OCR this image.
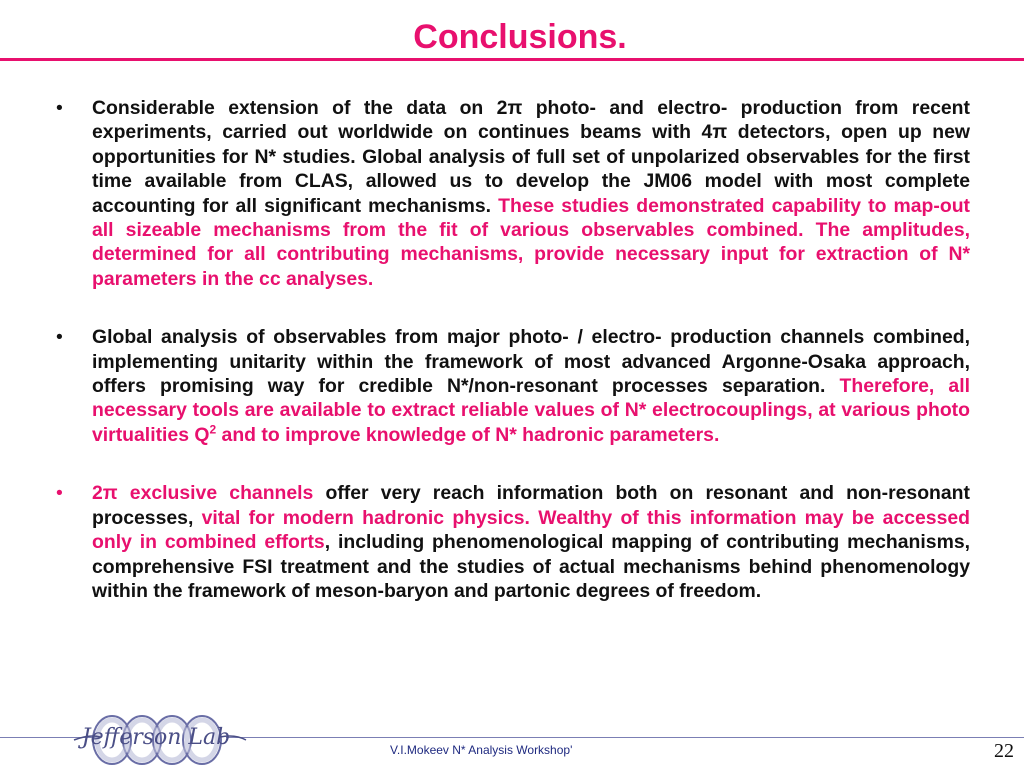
Conclusions.
• Considerable extension of the data on 2π photo- and electro- production from recent experiments, carried out worldwide on continues beams with 4π detectors, open up new opportunities for N* studies. Global analysis of full set of unpolarized observables for the first time available from CLAS, allowed us to develop the JM06 model with most complete accounting for all significant mechanisms. These studies demonstrated capability to map-out all sizeable mechanisms from the fit of various observables combined. The amplitudes, determined for all contributing mechanisms, provide necessary input for extraction of N* parameters in the cc analyses.
• Global analysis of observables from major photo- / electro- production channels combined, implementing unitarity within the framework of most advanced Argonne-Osaka approach, offers promising way for credible N*/non-resonant processes separation. Therefore, all necessary tools are available to extract reliable values of N* electrocouplings, at various photo virtualities $Q^2$ and to improve knowledge of N* hadronic parameters.
• 2π exclusive channels offer very reach information both on resonant and non-resonant processes, vital for modern hadronic physics. Wealthy of this information may be accessed only in combined efforts, including phenomenological mapping of contributing mechanisms, comprehensive FSI treatment and the studies of actual mechanisms behind phenomenology within the framework of meson-baryon and partonic degrees of freedom.
Jefferson Lab	V.I.Mokeev N* Analysis Workshop'	22
